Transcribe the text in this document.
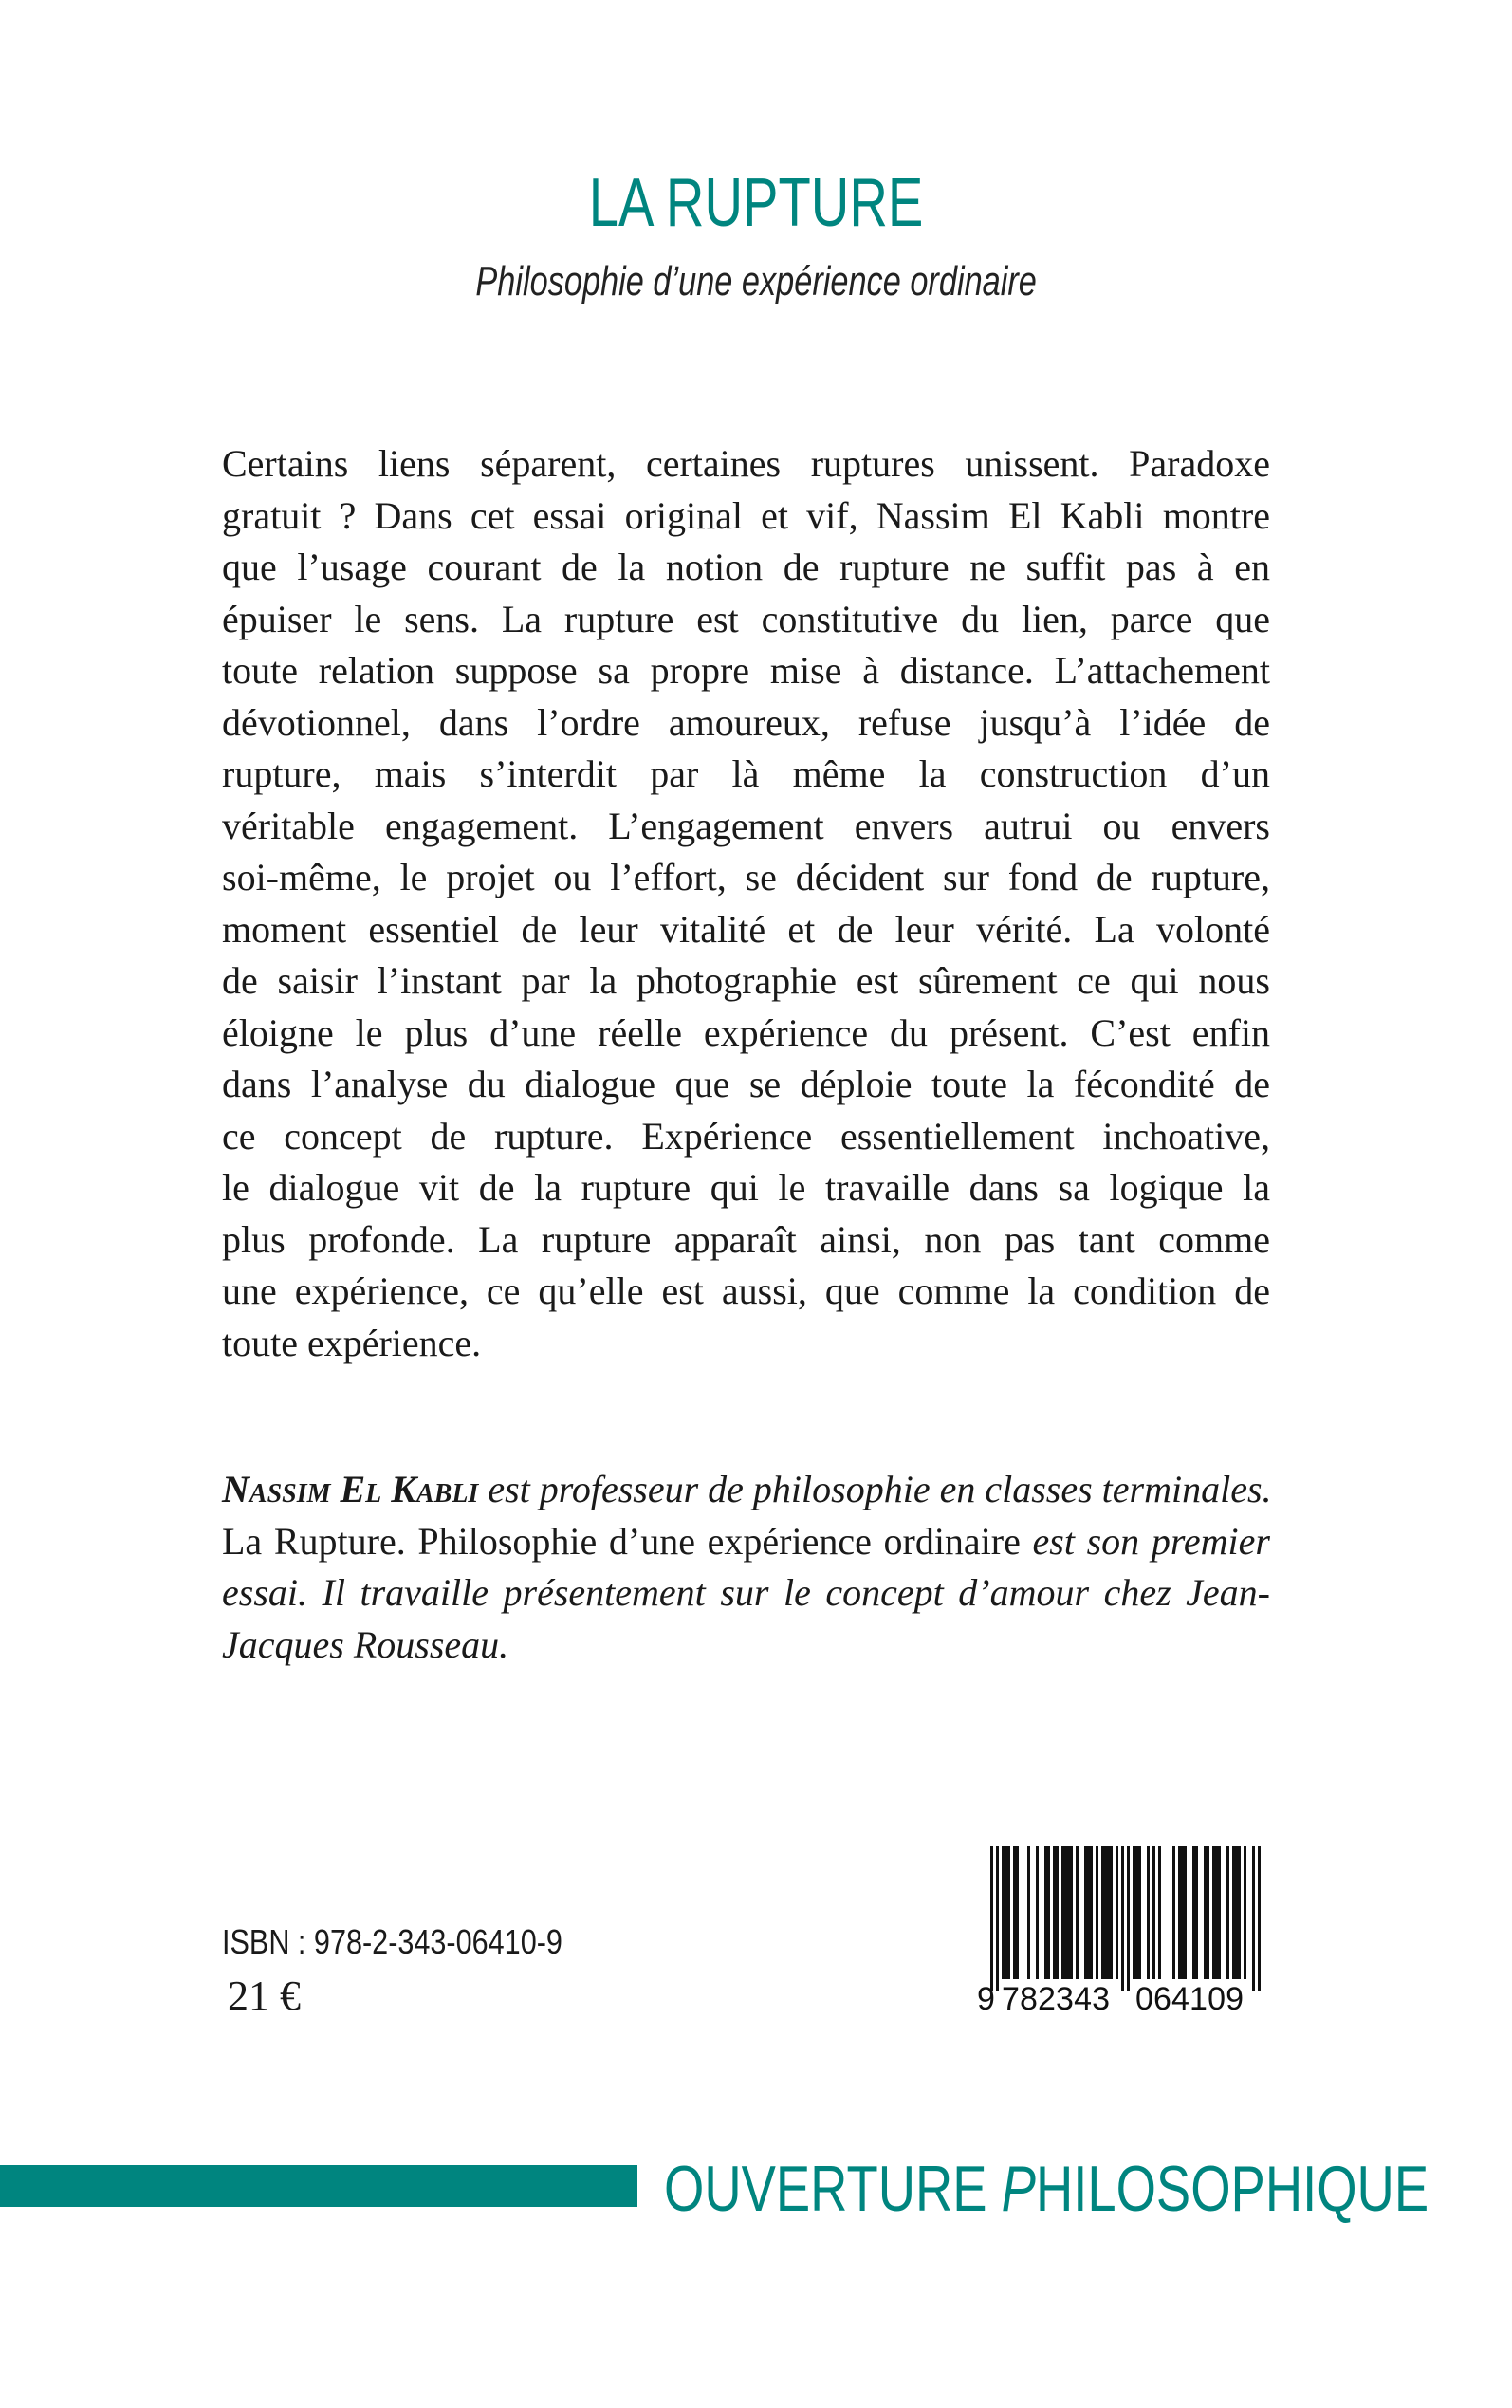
LA RUPTURE
Philosophie d’une expérience ordinaire
Certains liens séparent, certaines ruptures unissent. Paradoxe
gratuit ? Dans cet essai original et vif, Nassim El Kabli montre
que l’usage courant de la notion de rupture ne suffit pas à en
épuiser le sens. La rupture est constitutive du lien, parce que
toute relation suppose sa propre mise à distance. L’attachement
dévotionnel, dans l’ordre amoureux, refuse jusqu’à l’idée de
rupture, mais s’interdit par là même la construction d’un
véritable engagement. L’engagement envers autrui ou envers
soi-même, le projet ou l’effort, se décident sur fond de rupture,
moment essentiel de leur vitalité et de leur vérité. La volonté
de saisir l’instant par la photographie est sûrement ce qui nous
éloigne le plus d’une réelle expérience du présent. C’est enfin
dans l’analyse du dialogue que se déploie toute la fécondité de
ce concept de rupture. Expérience essentiellement inchoative,
le dialogue vit de la rupture qui le travaille dans sa logique la
plus profonde. La rupture apparaît ainsi, non pas tant comme
une expérience, ce qu’elle est aussi, que comme la condition de
toute expérience.
Nassim El Kabli est professeur de philosophie en classes terminales.
La Rupture. Philosophie d’une expérience ordinaire est son premier
essai. Il travaille présentement sur le concept d’amour chez Jean-
Jacques Rousseau.
ISBN : 978-2-343-06410-9
21 €	9 782343 064109
OUVERTURE PHILOSOPHIQUE
